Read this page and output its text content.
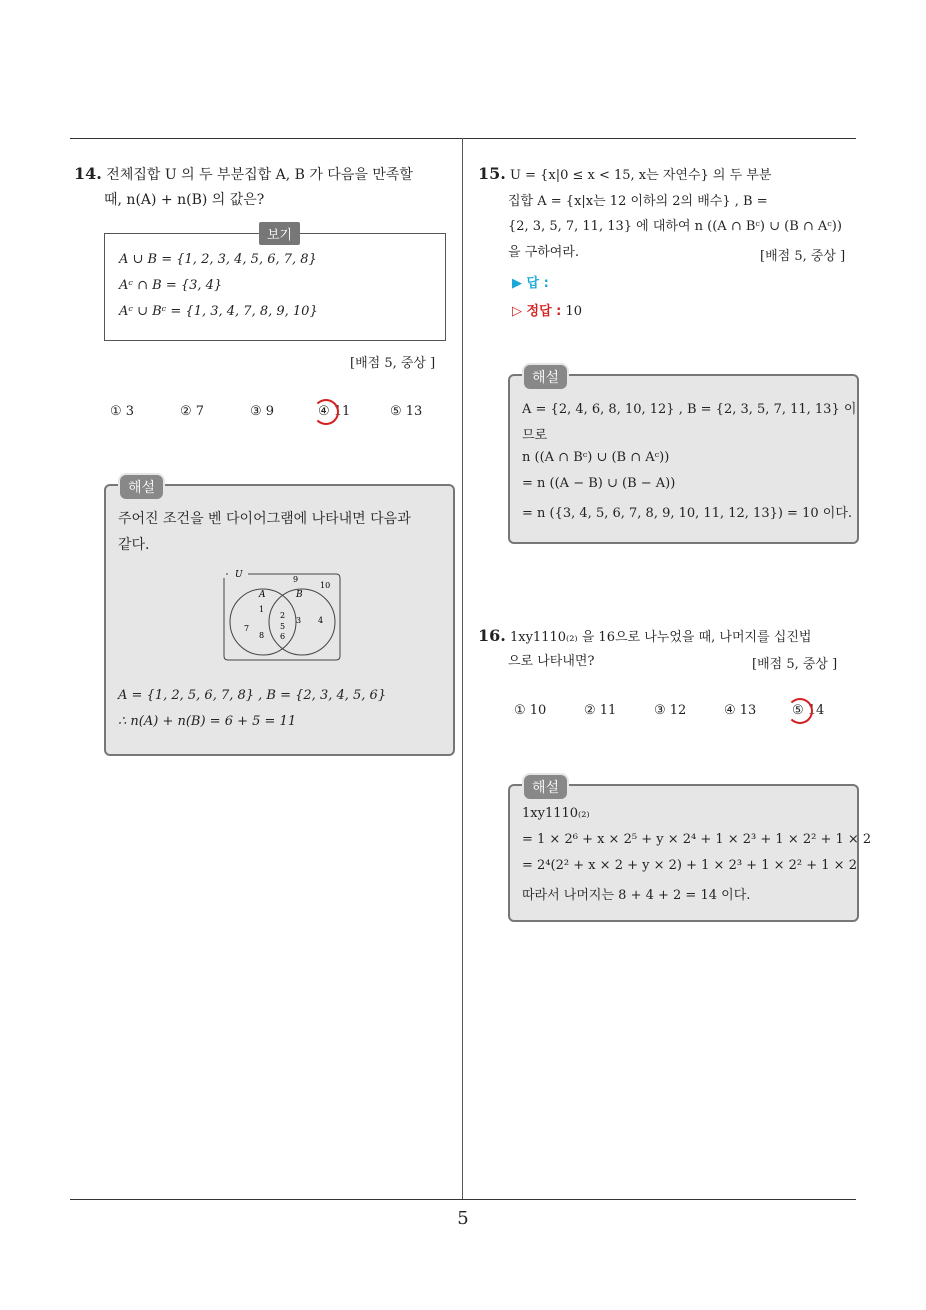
5
14. 전체집합 U 의 두 부분집합 A, B 가 다음을 만족할
때, n(A) + n(B) 의 값은?
보기
A ∪ B = {1, 2, 3, 4, 5, 6, 7, 8}
Aᶜ ∩ B = {3, 4}
Aᶜ ∪ Bᶜ = {1, 3, 4, 7, 8, 9, 10}
[배점 5, 중상 ]
① 3	② 7	③ 9	④ 11	⑤ 13
해설
주어진 조건을 벤 다이어그램에 나타내면 다음과
같다.
U
A	B
9
10
1
2
3 4
5
6
7
8
A = {1, 2, 5, 6, 7, 8} , B = {2, 3, 4, 5, 6}
∴ n(A) + n(B) = 6 + 5 = 11
15. U = {x|0 ≤ x < 15, x는 자연수} 의 두 부분
집합 A = {x|x는 12 이하의 2의 배수} , B =
{2, 3, 5, 7, 11, 13} 에 대하여 n ((A ∩ Bᶜ) ∪ (B ∩ Aᶜ))
을 구하여라.	[배점 5, 중상 ]
▶ 답 :
▷ 정답 : 10
해설
A = {2, 4, 6, 8, 10, 12} , B = {2, 3, 5, 7, 11, 13} 이
므로
n ((A ∩ Bᶜ) ∪ (B ∩ Aᶜ))
= n ((A − B) ∪ (B − A))
= n ({3, 4, 5, 6, 7, 8, 9, 10, 11, 12, 13}) = 10 이다.
16. 1xy1110₍₂₎ 을 16으로 나누었을 때, 나머지를 십진법
으로 나타내면?	[배점 5, 중상 ]
① 10	② 11	③ 12	④ 13	⑤ 14
해설
1xy1110₍₂₎
= 1 × 2⁶ + x × 2⁵ + y × 2⁴ + 1 × 2³ + 1 × 2² + 1 × 2
= 2⁴(2² + x × 2 + y × 2) + 1 × 2³ + 1 × 2² + 1 × 2
따라서 나머지는 8 + 4 + 2 = 14 이다.
